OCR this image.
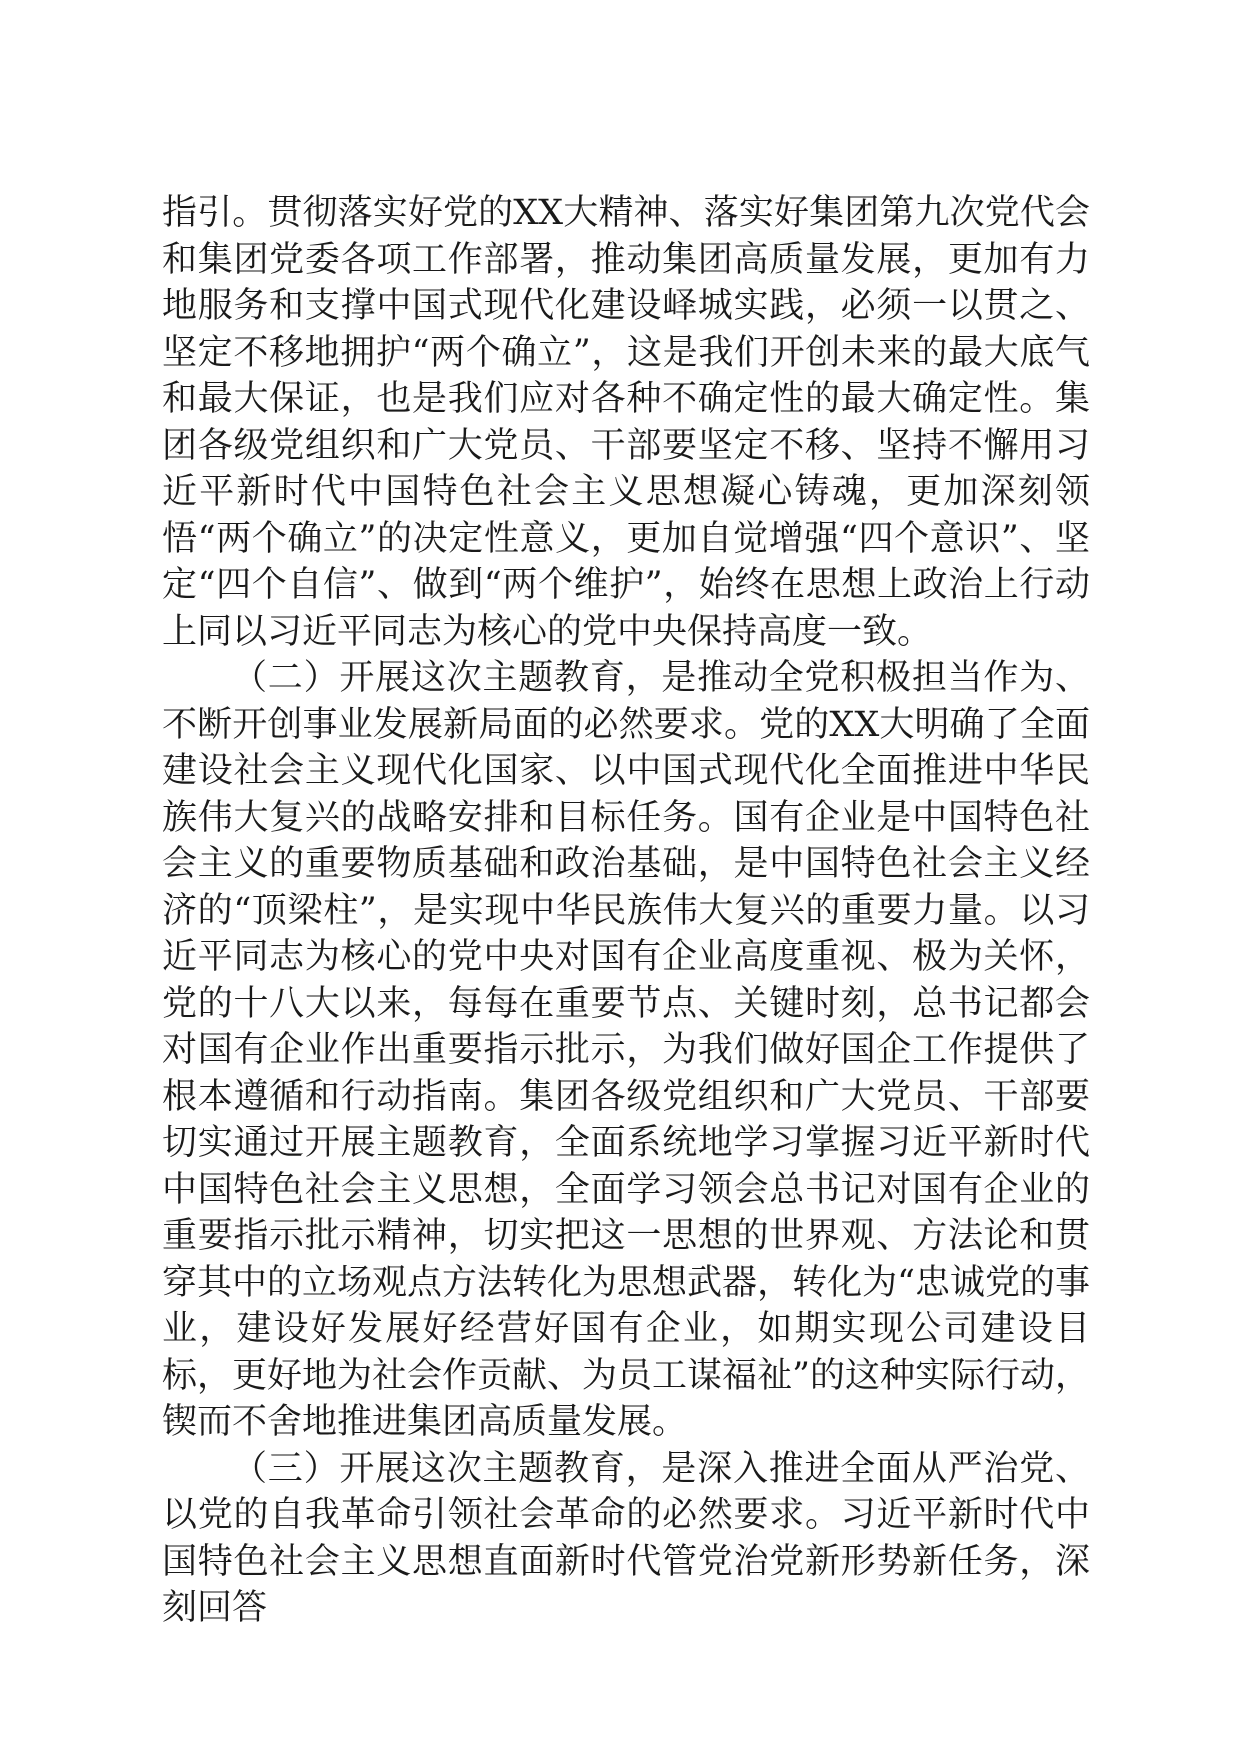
指引。贯彻落实好党的XX大精神、落实好集团第九次党代会和集团党委各项工作部署，推动集团高质量发展，更加有力地服务和支撑中国式现代化建设峄城实践，必须一以贯之、坚定不移地拥护“两个确立”，这是我们开创未来的最大底气和最大保证，也是我们应对各种不确定性的最大确定性。集团各级党组织和广大党员、干部要坚定不移、坚持不懈用习近平新时代中国特色社会主义思想凝心铸魂，更加深刻领悟“两个确立”的决定性意义，更加自觉增强“四个意识”、坚定“四个自信”、做到“两个维护”，始终在思想上政治上行动上同以习近平同志为核心的党中央保持高度一致。

（二）开展这次主题教育，是推动全党积极担当作为、不断开创事业发展新局面的必然要求。党的XX大明确了全面建设社会主义现代化国家、以中国式现代化全面推进中华民族伟大复兴的战略安排和目标任务。国有企业是中国特色社会主义的重要物质基础和政治基础，是中国特色社会主义经济的“顶梁柱”，是实现中华民族伟大复兴的重要力量。以习近平同志为核心的党中央对国有企业高度重视、极为关怀，党的十八大以来，每每在重要节点、关键时刻，总书记都会对国有企业作出重要指示批示，为我们做好国企工作提供了根本遵循和行动指南。集团各级党组织和广大党员、干部要切实通过开展主题教育，全面系统地学习掌握习近平新时代中国特色社会主义思想，全面学习领会总书记对国有企业的重要指示批示精神，切实把这一思想的世界观、方法论和贯穿其中的立场观点方法转化为思想武器，转化为“忠诚党的事业，建设好发展好经营好国有企业，如期实现公司建设目标，更好地为社会作贡献、为员工谋福祉”的这种实际行动，锲而不舍地推进集团高质量发展。

（三）开展这次主题教育，是深入推进全面从严治党、以党的自我革命引领社会革命的必然要求。习近平新时代中国特色社会主义思想直面新时代管党治党新形势新任务，深刻回答
